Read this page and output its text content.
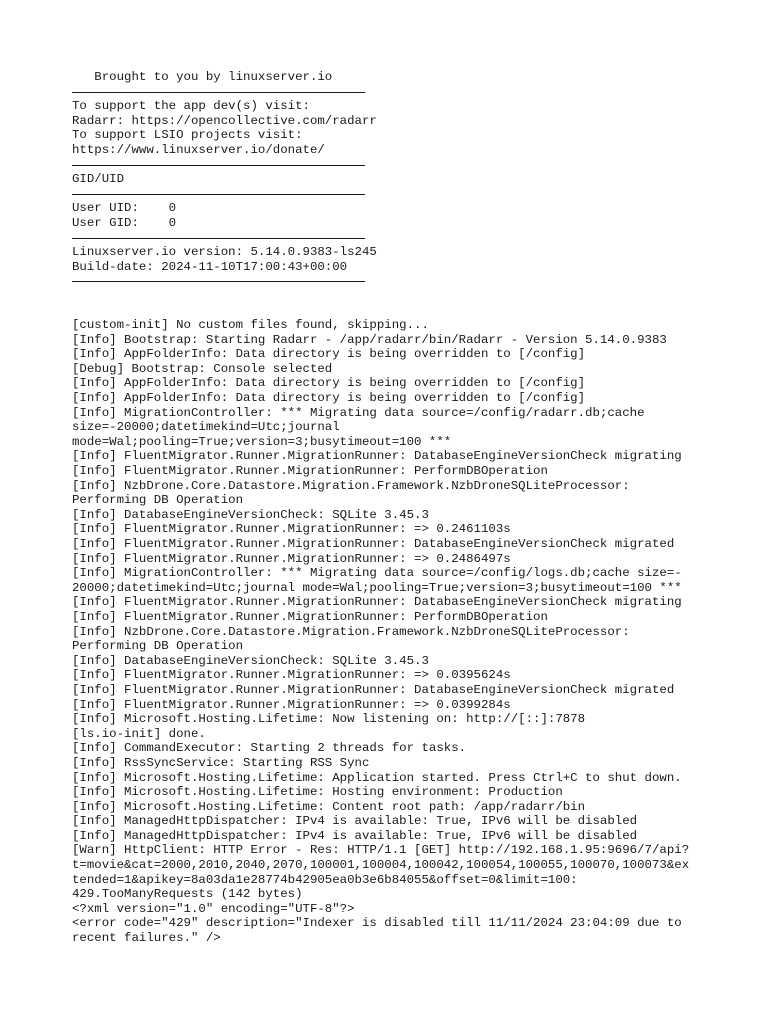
Brought to you by linuxserver.io
To support the app dev(s) visit:
Radarr: https://opencollective.com/radarr
To support LSIO projects visit:
https://www.linuxserver.io/donate/
GID/UID
User UID:    0
User GID:    0
Linuxserver.io version: 5.14.0.9383-ls245
Build-date: 2024-11-10T17:00:43+00:00
[custom-init] No custom files found, skipping...
[Info] Bootstrap: Starting Radarr - /app/radarr/bin/Radarr - Version 5.14.0.9383
[Info] AppFolderInfo: Data directory is being overridden to [/config]
[Debug] Bootstrap: Console selected
[Info] AppFolderInfo: Data directory is being overridden to [/config]
[Info] AppFolderInfo: Data directory is being overridden to [/config]
[Info] MigrationController: *** Migrating data source=/config/radarr.db;cache
size=-20000;datetimekind=Utc;journal
mode=Wal;pooling=True;version=3;busytimeout=100 ***
[Info] FluentMigrator.Runner.MigrationRunner: DatabaseEngineVersionCheck migrating
[Info] FluentMigrator.Runner.MigrationRunner: PerformDBOperation
[Info] NzbDrone.Core.Datastore.Migration.Framework.NzbDroneSQLiteProcessor:
Performing DB Operation
[Info] DatabaseEngineVersionCheck: SQLite 3.45.3
[Info] FluentMigrator.Runner.MigrationRunner: => 0.2461103s
[Info] FluentMigrator.Runner.MigrationRunner: DatabaseEngineVersionCheck migrated
[Info] FluentMigrator.Runner.MigrationRunner: => 0.2486497s
[Info] MigrationController: *** Migrating data source=/config/logs.db;cache size=-
20000;datetimekind=Utc;journal mode=Wal;pooling=True;version=3;busytimeout=100 ***
[Info] FluentMigrator.Runner.MigrationRunner: DatabaseEngineVersionCheck migrating
[Info] FluentMigrator.Runner.MigrationRunner: PerformDBOperation
[Info] NzbDrone.Core.Datastore.Migration.Framework.NzbDroneSQLiteProcessor:
Performing DB Operation
[Info] DatabaseEngineVersionCheck: SQLite 3.45.3
[Info] FluentMigrator.Runner.MigrationRunner: => 0.0395624s
[Info] FluentMigrator.Runner.MigrationRunner: DatabaseEngineVersionCheck migrated
[Info] FluentMigrator.Runner.MigrationRunner: => 0.0399284s
[Info] Microsoft.Hosting.Lifetime: Now listening on: http://[::]:7878
[ls.io-init] done.
[Info] CommandExecutor: Starting 2 threads for tasks.
[Info] RssSyncService: Starting RSS Sync
[Info] Microsoft.Hosting.Lifetime: Application started. Press Ctrl+C to shut down.
[Info] Microsoft.Hosting.Lifetime: Hosting environment: Production
[Info] Microsoft.Hosting.Lifetime: Content root path: /app/radarr/bin
[Info] ManagedHttpDispatcher: IPv4 is available: True, IPv6 will be disabled
[Info] ManagedHttpDispatcher: IPv4 is available: True, IPv6 will be disabled
[Warn] HttpClient: HTTP Error - Res: HTTP/1.1 [GET] http://192.168.1.95:9696/7/api?
t=movie&cat=2000,2010,2040,2070,100001,100004,100042,100054,100055,100070,100073&ex
tended=1&apikey=8a03da1e28774b42905ea0b3e6b84055&offset=0&limit=100:
429.TooManyRequests (142 bytes)
<?xml version="1.0" encoding="UTF-8"?>
<error code="429" description="Indexer is disabled till 11/11/2024 23:04:09 due to
recent failures." />
